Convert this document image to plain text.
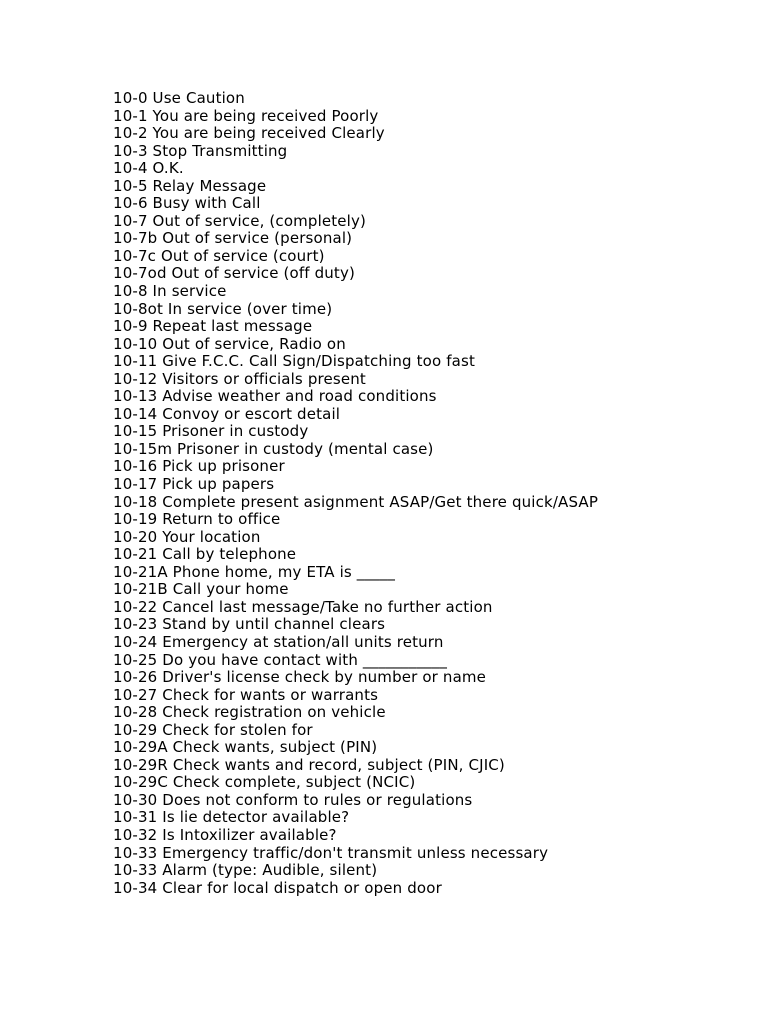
10-0 Use Caution
10-1 You are being received Poorly
10-2 You are being received Clearly
10-3 Stop Transmitting
10-4 O.K.
10-5 Relay Message
10-6 Busy with Call
10-7 Out of service, (completely)
10-7b Out of service (personal)
10-7c Out of service (court)
10-7od Out of service (off duty)
10-8 In service
10-8ot In service (over time)
10-9 Repeat last message
10-10 Out of service, Radio on
10-11 Give F.C.C. Call Sign/Dispatching too fast
10-12 Visitors or officials present
10-13 Advise weather and road conditions
10-14 Convoy or escort detail
10-15 Prisoner in custody
10-15m Prisoner in custody (mental case)
10-16 Pick up prisoner
10-17 Pick up papers
10-18 Complete present asignment ASAP/Get there quick/ASAP
10-19 Return to office
10-20 Your location
10-21 Call by telephone
10-21A Phone home, my ETA is _____
10-21B Call your home
10-22 Cancel last message/Take no further action
10-23 Stand by until channel clears
10-24 Emergency at station/all units return
10-25 Do you have contact with ___________
10-26 Driver's license check by number or name
10-27 Check for wants or warrants
10-28 Check registration on vehicle
10-29 Check for stolen for
10-29A Check wants, subject (PIN)
10-29R Check wants and record, subject (PIN, CJIC)
10-29C Check complete, subject (NCIC)
10-30 Does not conform to rules or regulations
10-31 Is lie detector available?
10-32 Is Intoxilizer available?
10-33 Emergency traffic/don't transmit unless necessary
10-33 Alarm (type: Audible, silent)
10-34 Clear for local dispatch or open door
